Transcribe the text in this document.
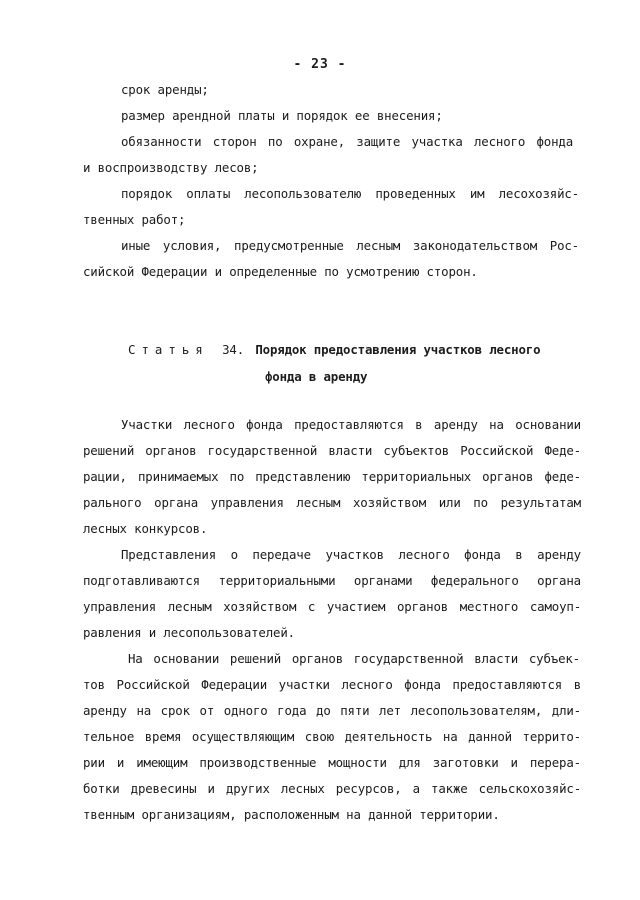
- 23 -
срок аренды;
размер арендной платы и порядок ее внесения;
обязанности сторон по охране, защите участка лесного фонда
и воспроизводству лесов;
порядок оплаты лесопользователю проведенных им лесохозяйс-
твенных работ;
иные условия, предусмотренные лесным законодательством Рос-
сийской Федерации и определенные по усмотрению сторон.
Статья 34. Порядок предоставления участков лесного
фонда в аренду
Участки лесного фонда предоставляются в аренду на основании
решений органов государственной власти субъектов Российской Феде-
рации, принимаемых по представлению территориальных органов феде-
рального органа управления лесным хозяйством или по результатам
лесных конкурсов.
Представления о передаче участков лесного фонда в аренду
подготавливаются территориальными органами федерального органа
управления лесным хозяйством с участием органов местного самоуп-
равления и лесопользователей.
На основании решений органов государственной власти субъек-
тов Российской Федерации участки лесного фонда предоставляются в
аренду на срок от одного года до пяти лет лесопользователям, дли-
тельное время осуществляющим свою деятельность на данной террито-
рии и имеющим производственные мощности для заготовки и перера-
ботки древесины и других лесных ресурсов, а также сельскохозяйс-
твенным организациям, расположенным на данной территории.
